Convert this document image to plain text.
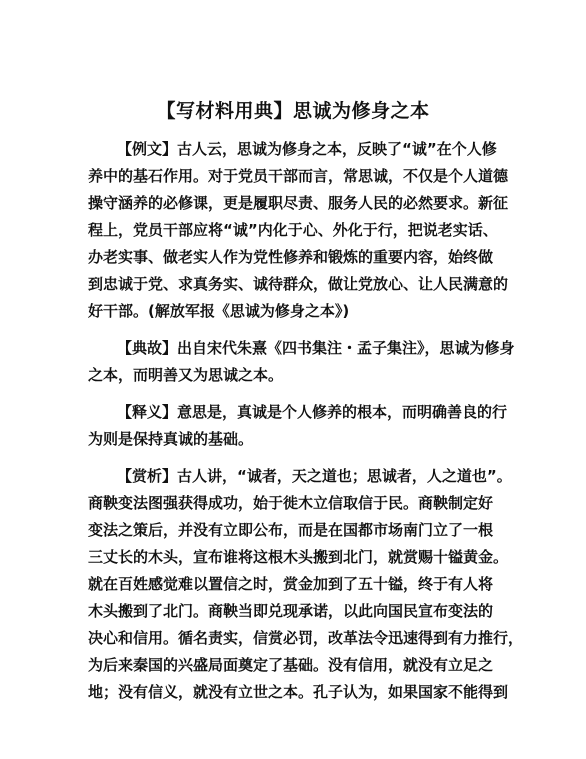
【写材料用典】思诚为修身之本

【例文】古人云，思诚为修身之本，反映了“诚”在个人修
养中的基石作用。对于党员干部而言，常思诚，不仅是个人道德
操守涵养的必修课，更是履职尽责、服务人民的必然要求。新征
程上，党员干部应将“诚”内化于心、外化于行，把说老实话、
办老实事、做老实人作为党性修养和锻炼的重要内容，始终做
到忠诚于党、求真务实、诚待群众，做让党放心、让人民满意的
好干部。(解放军报《思诚为修身之本》)

【典故】出自宋代朱熹《四书集注・孟子集注》，思诚为修身
之本，而明善又为思诚之本。

【释义】意思是，真诚是个人修养的根本，而明确善良的行
为则是保持真诚的基础。

【赏析】古人讲，“诚者，天之道也；思诚者，人之道也”。
商鞅变法图强获得成功，始于徙木立信取信于民。商鞅制定好
变法之策后，并没有立即公布，而是在国都市场南门立了一根
三丈长的木头，宣布谁将这根木头搬到北门，就赏赐十镒黄金。
就在百姓感觉难以置信之时，赏金加到了五十镒，终于有人将
木头搬到了北门。商鞅当即兑现承诺，以此向国民宣布变法的
决心和信用。循名责实，信赏必罚，改革法令迅速得到有力推行，
为后来秦国的兴盛局面奠定了基础。没有信用，就没有立足之
地；没有信义，就没有立世之本。孔子认为，如果国家不能得到
